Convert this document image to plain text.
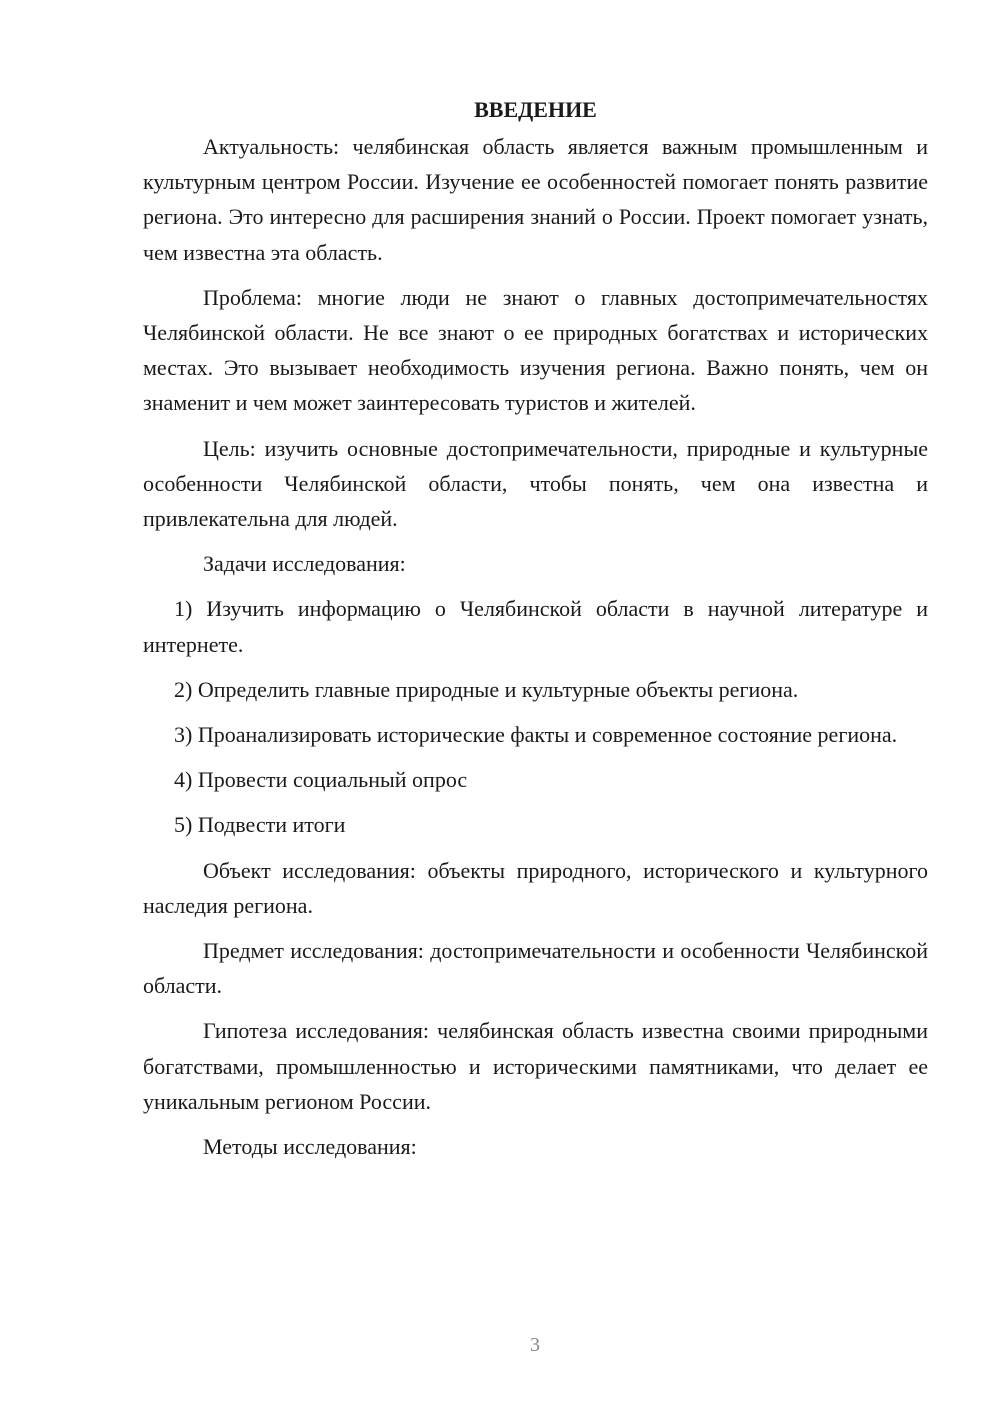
ВВЕДЕНИЕ

Актуальность: челябинская область является важным промышленным и культурным центром России. Изучение ее особенностей помогает понять развитие региона. Это интересно для расширения знаний о России. Проект помогает узнать, чем известна эта область.

Проблема: многие люди не знают о главных достопримечательностях Челябинской области. Не все знают о ее природных богатствах и исторических местах. Это вызывает необходимость изучения региона. Важно понять, чем он знаменит и чем может заинтересовать туристов и жителей.

Цель: изучить основные достопримечательности, природные и культурные особенности Челябинской области, чтобы понять, чем она известна и привлекательна для людей.

Задачи исследования:

1) Изучить информацию о Челябинской области в научной литературе и интернете.

2) Определить главные природные и культурные объекты региона.

3) Проанализировать исторические факты и современное состояние региона.

4) Провести социальный опрос

5) Подвести итоги

Объект исследования: объекты природного, исторического и культурного наследия региона.

Предмет исследования: достопримечательности и особенности Челябинской области.

Гипотеза исследования: челябинская область известна своими природными богатствами, промышленностью и историческими памятниками, что делает ее уникальным регионом России.

Методы исследования:

3
